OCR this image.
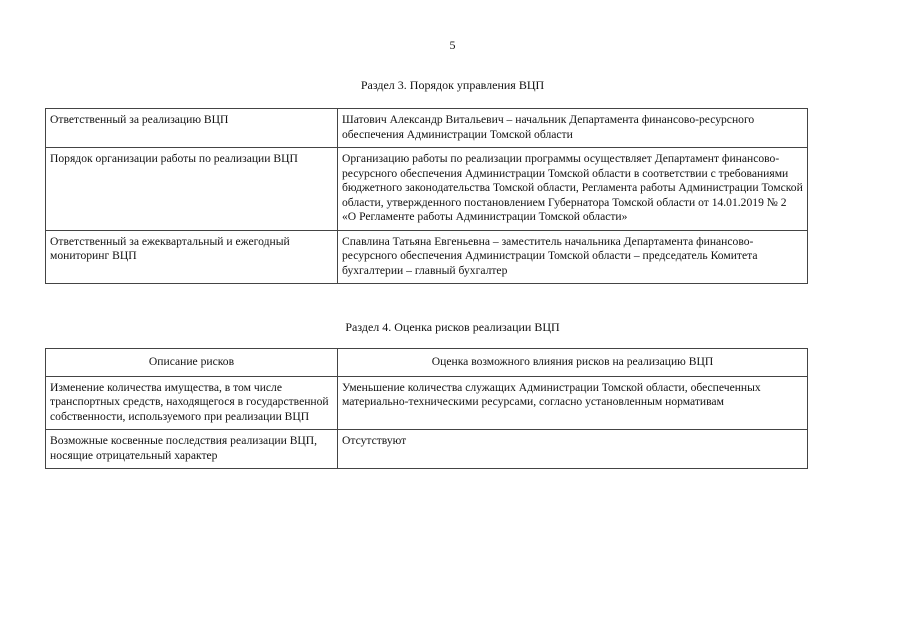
5
Раздел 3. Порядок управления ВЦП
Ответственный за реализацию ВЦП	Шатович Александр Витальевич – начальник Департамента финансово-ресурсного обеспечения Администрации Томской области
Порядок организации работы по реализации ВЦП	Организацию работы по реализации программы осуществляет Департамент финансово-ресурсного обеспечения Администрации Томской области в соответствии с требованиями бюджетного законодательства Томской области, Регламента работы Администрации Томской области, утвержденного постановлением Губернатора Томской области от 14.01.2019 № 2 «О Регламенте работы Администрации Томской области»
Ответственный за ежеквартальный и ежегодный мониторинг ВЦП	Спавлина Татьяна Евгеньевна – заместитель начальника Департамента финансово-ресурсного обеспечения Администрации Томской области – председатель Комитета бухгалтерии – главный бухгалтер
Раздел 4. Оценка рисков реализации ВЦП
Описание рисков	Оценка возможного влияния рисков на реализацию ВЦП
Изменение количества имущества, в том числе транспортных средств, находящегося в государственной собственности, используемого при реализации ВЦП	Уменьшение количества служащих Администрации Томской области, обеспеченных материально-техническими ресурсами, согласно установленным нормативам
Возможные косвенные последствия реализации ВЦП, носящие отрицательный характер	Отсутствуют
